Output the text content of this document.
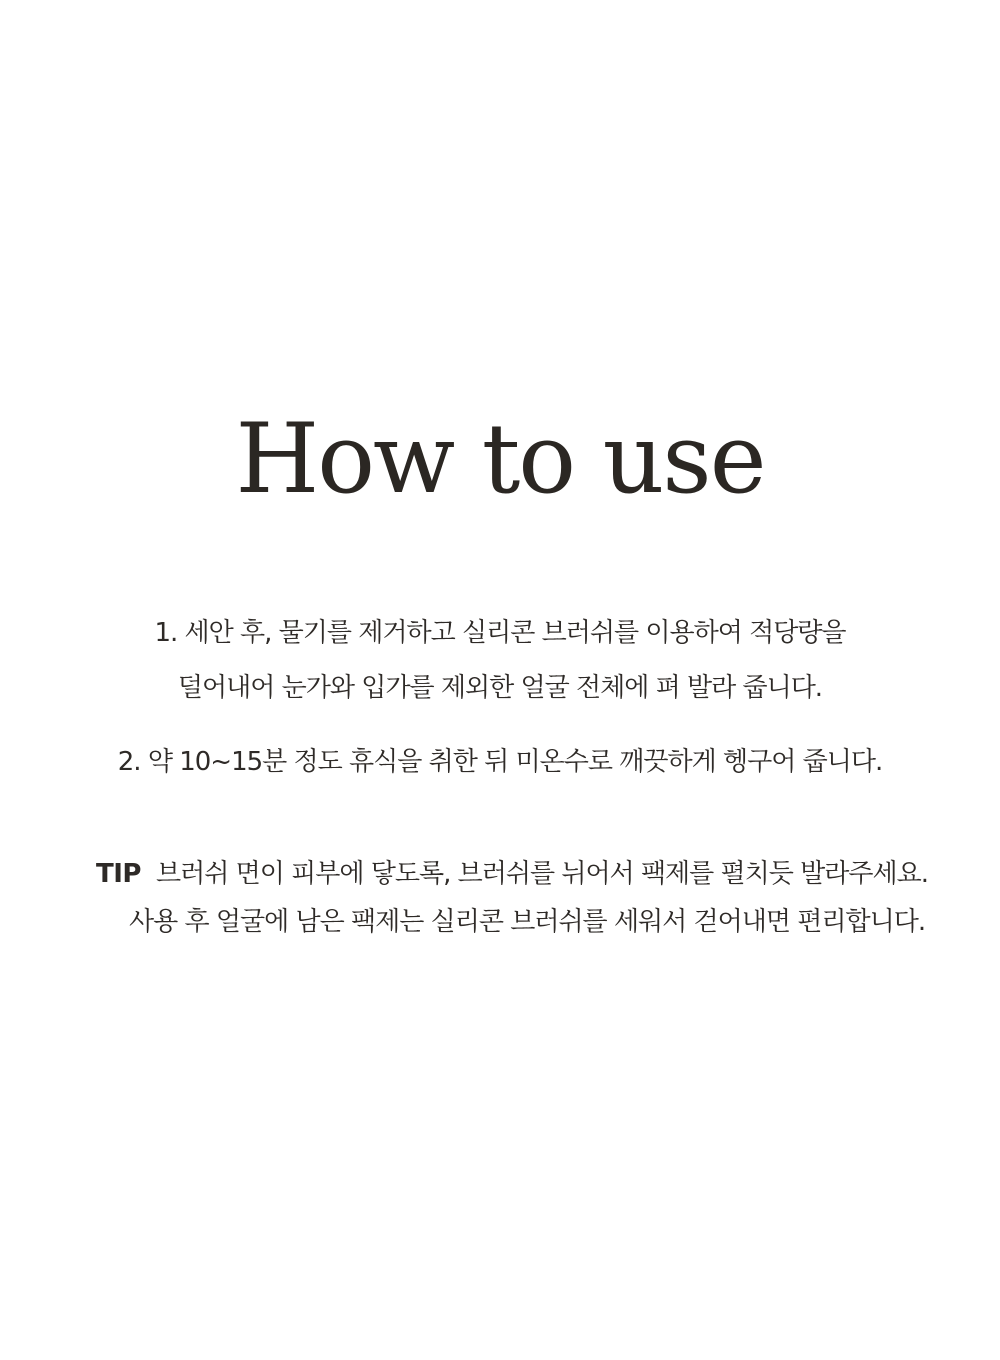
How to use
1. 세안 후, 물기를 제거하고 실리콘 브러쉬를 이용하여 적당량을
덜어내어 눈가와 입가를 제외한 얼굴 전체에 펴 발라 줍니다.
2. 약 10~15분 정도 휴식을 취한 뒤 미온수로 깨끗하게 헹구어 줍니다.
TIP 브러쉬 면이 피부에 닿도록, 브러쉬를 뉘어서 팩제를 펼치듯 발라주세요.
사용 후 얼굴에 남은 팩제는 실리콘 브러쉬를 세워서 걷어내면 편리합니다.
